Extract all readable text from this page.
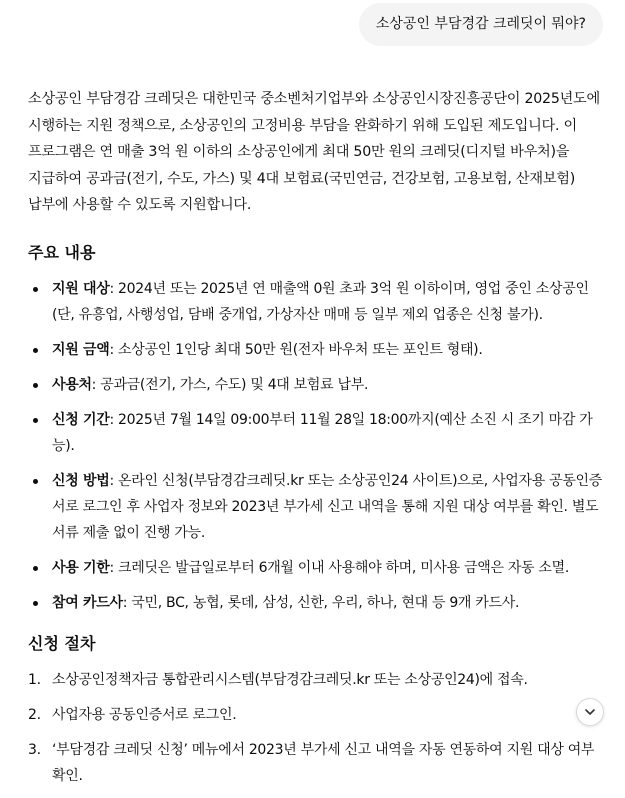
소상공인 부담경감 크레딧이 뭐야?

소상공인 부담경감 크레딧은 대한민국 중소벤처기업부와 소상공인시장진흥공단이 2025년도에 시행하는 지원 정책으로, 소상공인의 고정비용 부담을 완화하기 위해 도입된 제도입니다. 이 프로그램은 연 매출 3억 원 이하의 소상공인에게 최대 50만 원의 크레딧(디지털 바우처)을 지급하여 공과금(전기, 수도, 가스) 및 4대 보험료(국민연금, 건강보험, 고용보험, 산재보험) 납부에 사용할 수 있도록 지원합니다.

주요 내용
지원 대상: 2024년 또는 2025년 연 매출액 0원 초과 3억 원 이하이며, 영업 중인 소상공인(단, 유흥업, 사행성업, 담배 중개업, 가상자산 매매 등 일부 제외 업종은 신청 불가).
지원 금액: 소상공인 1인당 최대 50만 원(전자 바우처 또는 포인트 형태).
사용처: 공과금(전기, 가스, 수도) 및 4대 보험료 납부.
신청 기간: 2025년 7월 14일 09:00부터 11월 28일 18:00까지(예산 소진 시 조기 마감 가능).
신청 방법: 온라인 신청(부담경감크레딧.kr 또는 소상공인24 사이트)으로, 사업자용 공동인증서로 로그인 후 사업자 정보와 2023년 부가세 신고 내역을 통해 지원 대상 여부를 확인. 별도 서류 제출 없이 진행 가능.
사용 기한: 크레딧은 발급일로부터 6개월 이내 사용해야 하며, 미사용 금액은 자동 소멸.
참여 카드사: 국민, BC, 농협, 롯데, 삼성, 신한, 우리, 하나, 현대 등 9개 카드사.
신청 절차
1. 소상공인정책자금 통합관리시스템(부담경감크레딧.kr 또는 소상공인24)에 접속.
2. 사업자용 공동인증서로 로그인.
3. ‘부담경감 크레딧 신청’ 메뉴에서 2023년 부가세 신고 내역을 자동 연동하여 지원 대상 여부 확인.
